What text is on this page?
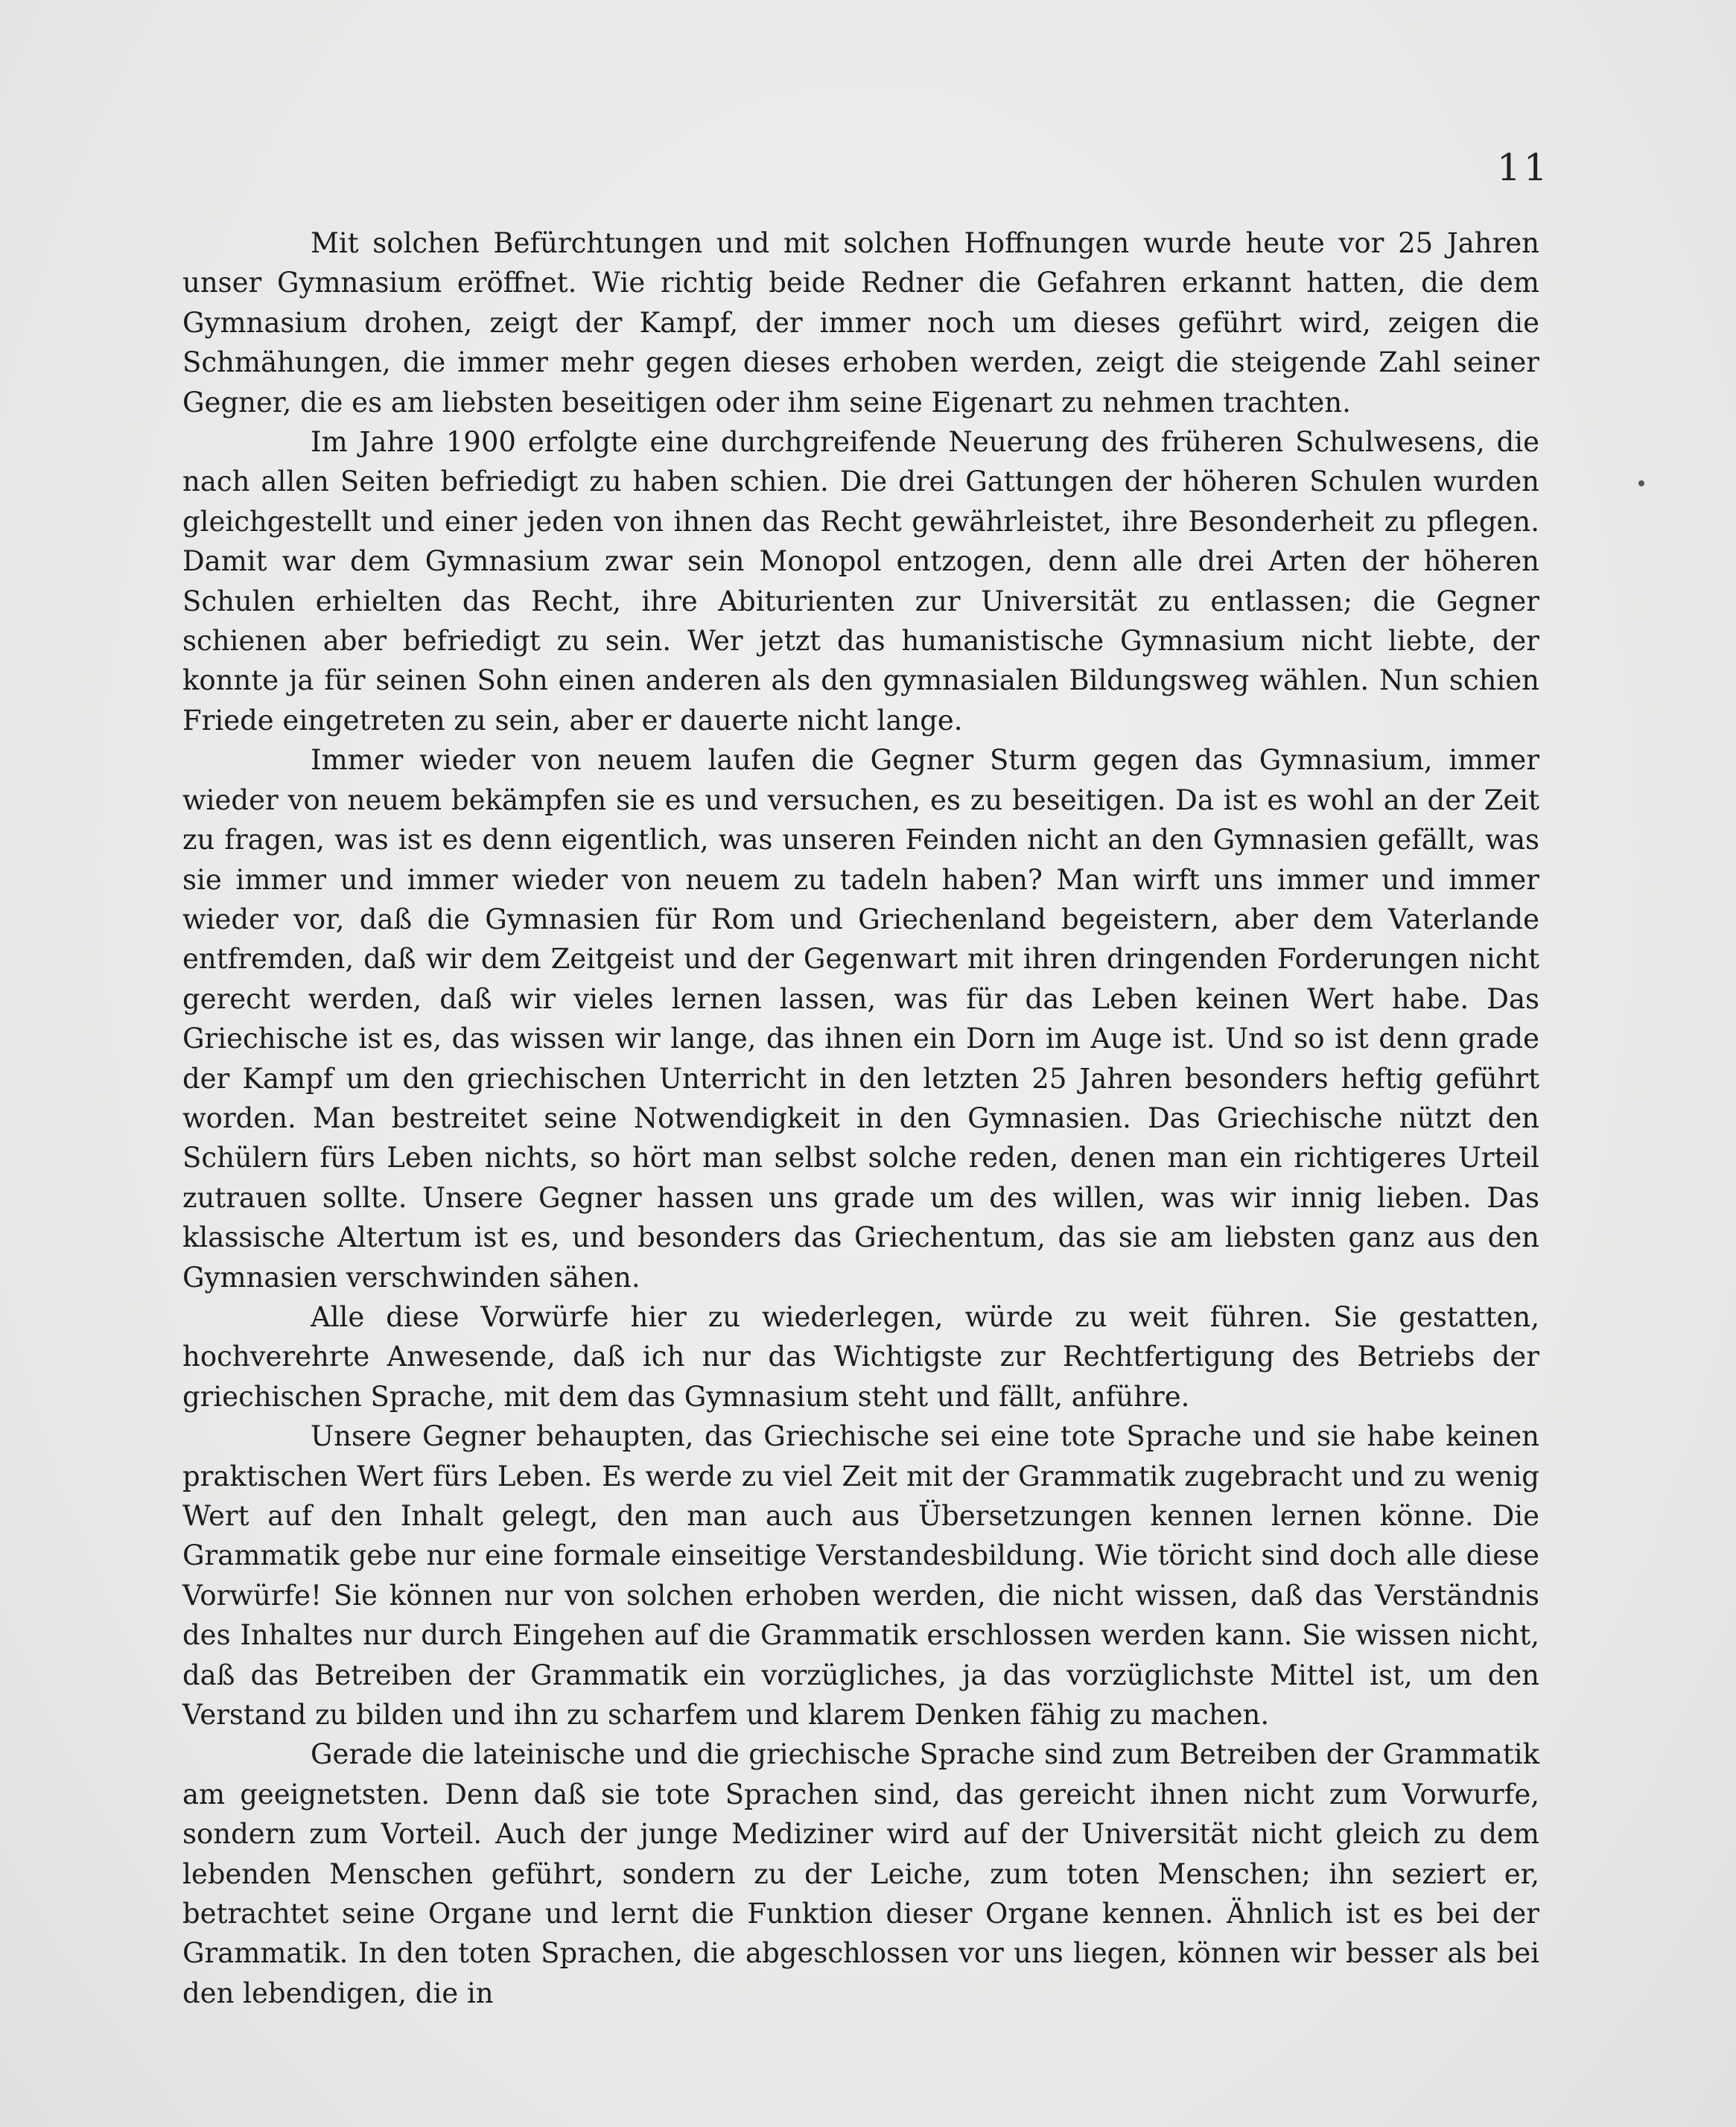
11

Mit solchen Befürchtungen und mit solchen Hoffnungen wurde heute vor 25 Jahren unser Gymnasium eröffnet. Wie richtig beide Redner die Gefahren erkannt hatten, die dem Gymnasium drohen, zeigt der Kampf, der immer noch um dieses geführt wird, zeigen die Schmähungen, die immer mehr gegen dieses erhoben werden, zeigt die steigende Zahl seiner Gegner, die es am liebsten beseitigen oder ihm seine Eigenart zu nehmen trachten.

Im Jahre 1900 erfolgte eine durchgreifende Neuerung des früheren Schulwesens, die nach allen Seiten befriedigt zu haben schien. Die drei Gattungen der höheren Schulen wurden gleichgestellt und einer jeden von ihnen das Recht gewährleistet, ihre Besonderheit zu pflegen. Damit war dem Gymnasium zwar sein Monopol entzogen, denn alle drei Arten der höheren Schulen erhielten das Recht, ihre Abiturienten zur Universität zu entlassen; die Gegner schienen aber befriedigt zu sein. Wer jetzt das humanistische Gymnasium nicht liebte, der konnte ja für seinen Sohn einen anderen als den gymnasialen Bildungsweg wählen. Nun schien Friede eingetreten zu sein, aber er dauerte nicht lange.

Immer wieder von neuem laufen die Gegner Sturm gegen das Gymnasium, immer wieder von neuem bekämpfen sie es und versuchen, es zu beseitigen. Da ist es wohl an der Zeit zu fragen, was ist es denn eigentlich, was unseren Feinden nicht an den Gymnasien gefällt, was sie immer und immer wieder von neuem zu tadeln haben? Man wirft uns immer und immer wieder vor, daß die Gymnasien für Rom und Griechenland begeistern, aber dem Vaterlande entfremden, daß wir dem Zeitgeist und der Gegenwart mit ihren dringenden Forderungen nicht gerecht werden, daß wir vieles lernen lassen, was für das Leben keinen Wert habe. Das Griechische ist es, das wissen wir lange, das ihnen ein Dorn im Auge ist. Und so ist denn grade der Kampf um den griechischen Unterricht in den letzten 25 Jahren besonders heftig geführt worden. Man bestreitet seine Notwendigkeit in den Gymnasien. Das Griechische nützt den Schülern fürs Leben nichts, so hört man selbst solche reden, denen man ein richtigeres Urteil zutrauen sollte. Unsere Gegner hassen uns grade um des willen, was wir innig lieben. Das klassische Altertum ist es, und besonders das Griechentum, das sie am liebsten ganz aus den Gymnasien verschwinden sähen.

Alle diese Vorwürfe hier zu wiederlegen, würde zu weit führen. Sie gestatten, hochverehrte Anwesende, daß ich nur das Wichtigste zur Rechtfertigung des Betriebs der griechischen Sprache, mit dem das Gymnasium steht und fällt, anführe.

Unsere Gegner behaupten, das Griechische sei eine tote Sprache und sie habe keinen praktischen Wert fürs Leben. Es werde zu viel Zeit mit der Grammatik zugebracht und zu wenig Wert auf den Inhalt gelegt, den man auch aus Übersetzungen kennen lernen könne. Die Grammatik gebe nur eine formale einseitige Verstandesbildung. Wie töricht sind doch alle diese Vorwürfe! Sie können nur von solchen erhoben werden, die nicht wissen, daß das Verständnis des Inhaltes nur durch Eingehen auf die Grammatik erschlossen werden kann. Sie wissen nicht, daß das Betreiben der Grammatik ein vorzügliches, ja das vorzüglichste Mittel ist, um den Verstand zu bilden und ihn zu scharfem und klarem Denken fähig zu machen.

Gerade die lateinische und die griechische Sprache sind zum Betreiben der Grammatik am geeignetsten. Denn daß sie tote Sprachen sind, das gereicht ihnen nicht zum Vorwurfe, sondern zum Vorteil. Auch der junge Mediziner wird auf der Universität nicht gleich zu dem lebenden Menschen geführt, sondern zu der Leiche, zum toten Menschen; ihn seziert er, betrachtet seine Organe und lernt die Funktion dieser Organe kennen. Ähnlich ist es bei der Grammatik. In den toten Sprachen, die abgeschlossen vor uns liegen, können wir besser als bei den lebendigen, die in
